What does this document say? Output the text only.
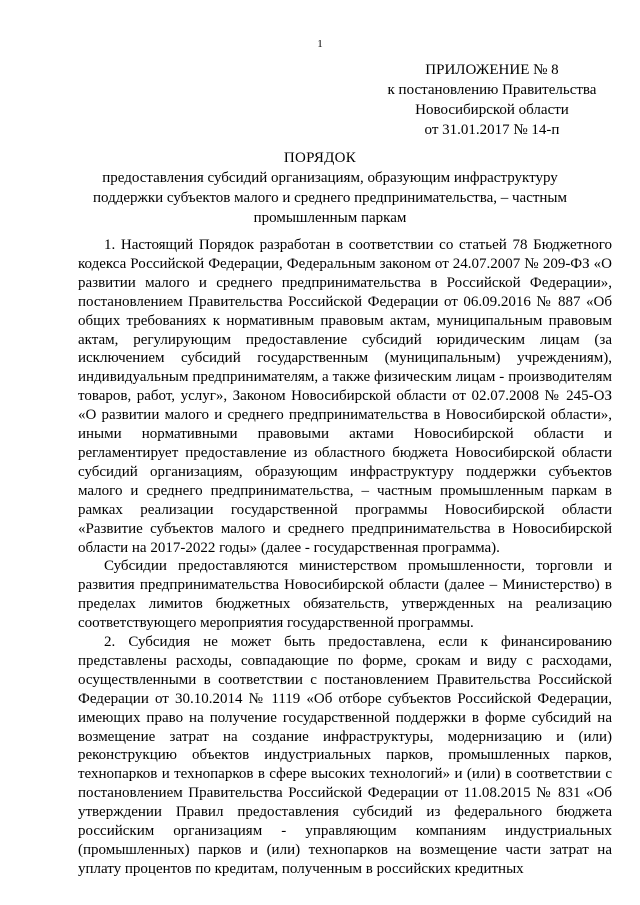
1
ПРИЛОЖЕНИЕ № 8
к постановлению Правительства
Новосибирской области
от 31.01.2017 № 14-п
ПОРЯДОК
предоставления субсидий организациям, образующим инфраструктуру поддержки субъектов малого и среднего предпринимательства, – частным промышленным паркам

1. Настоящий Порядок разработан в соответствии со статьей 78 Бюджетного кодекса Российской Федерации, Федеральным законом от 24.07.2007 № 209-ФЗ «О развитии малого и среднего предпринимательства в Российской Федерации», постановлением Правительства Российской Федерации от 06.09.2016 № 887 «Об общих требованиях к нормативным правовым актам, муниципальным правовым актам, регулирующим предоставление субсидий юридическим лицам (за исключением субсидий государственным (муниципальным) учреждениям), индивидуальным предпринимателям, а также физическим лицам - производителям товаров, работ, услуг», Законом Новосибирской области от 02.07.2008 № 245-ОЗ «О развитии малого и среднего предпринимательства в Новосибирской области», иными нормативными правовыми актами Новосибирской области и регламентирует предоставление из областного бюджета Новосибирской области субсидий организациям, образующим инфраструктуру поддержки субъектов малого и среднего предпринимательства, – частным промышленным паркам в рамках реализации государственной программы Новосибирской области «Развитие субъектов малого и среднего предпринимательства в Новосибирской области на 2017-2022 годы» (далее - государственная программа).

Субсидии предоставляются министерством промышленности, торговли и развития предпринимательства Новосибирской области (далее – Министерство) в пределах лимитов бюджетных обязательств, утвержденных на реализацию соответствующего мероприятия государственной программы.

2. Субсидия не может быть предоставлена, если к финансированию представлены расходы, совпадающие по форме, срокам и виду с расходами, осуществленными в соответствии с постановлением Правительства Российской Федерации от 30.10.2014 № 1119 «Об отборе субъектов Российской Федерации, имеющих право на получение государственной поддержки в форме субсидий на возмещение затрат на создание инфраструктуры, модернизацию и (или) реконструкцию объектов индустриальных парков, промышленных парков, технопарков и технопарков в сфере высоких технологий» и (или) в соответствии с постановлением Правительства Российской Федерации от 11.08.2015 № 831 «Об утверждении Правил предоставления субсидий из федерального бюджета российским организациям - управляющим компаниям индустриальных (промышленных) парков и (или) технопарков на возмещение части затрат на уплату процентов по кредитам, полученным в российских кредитных
